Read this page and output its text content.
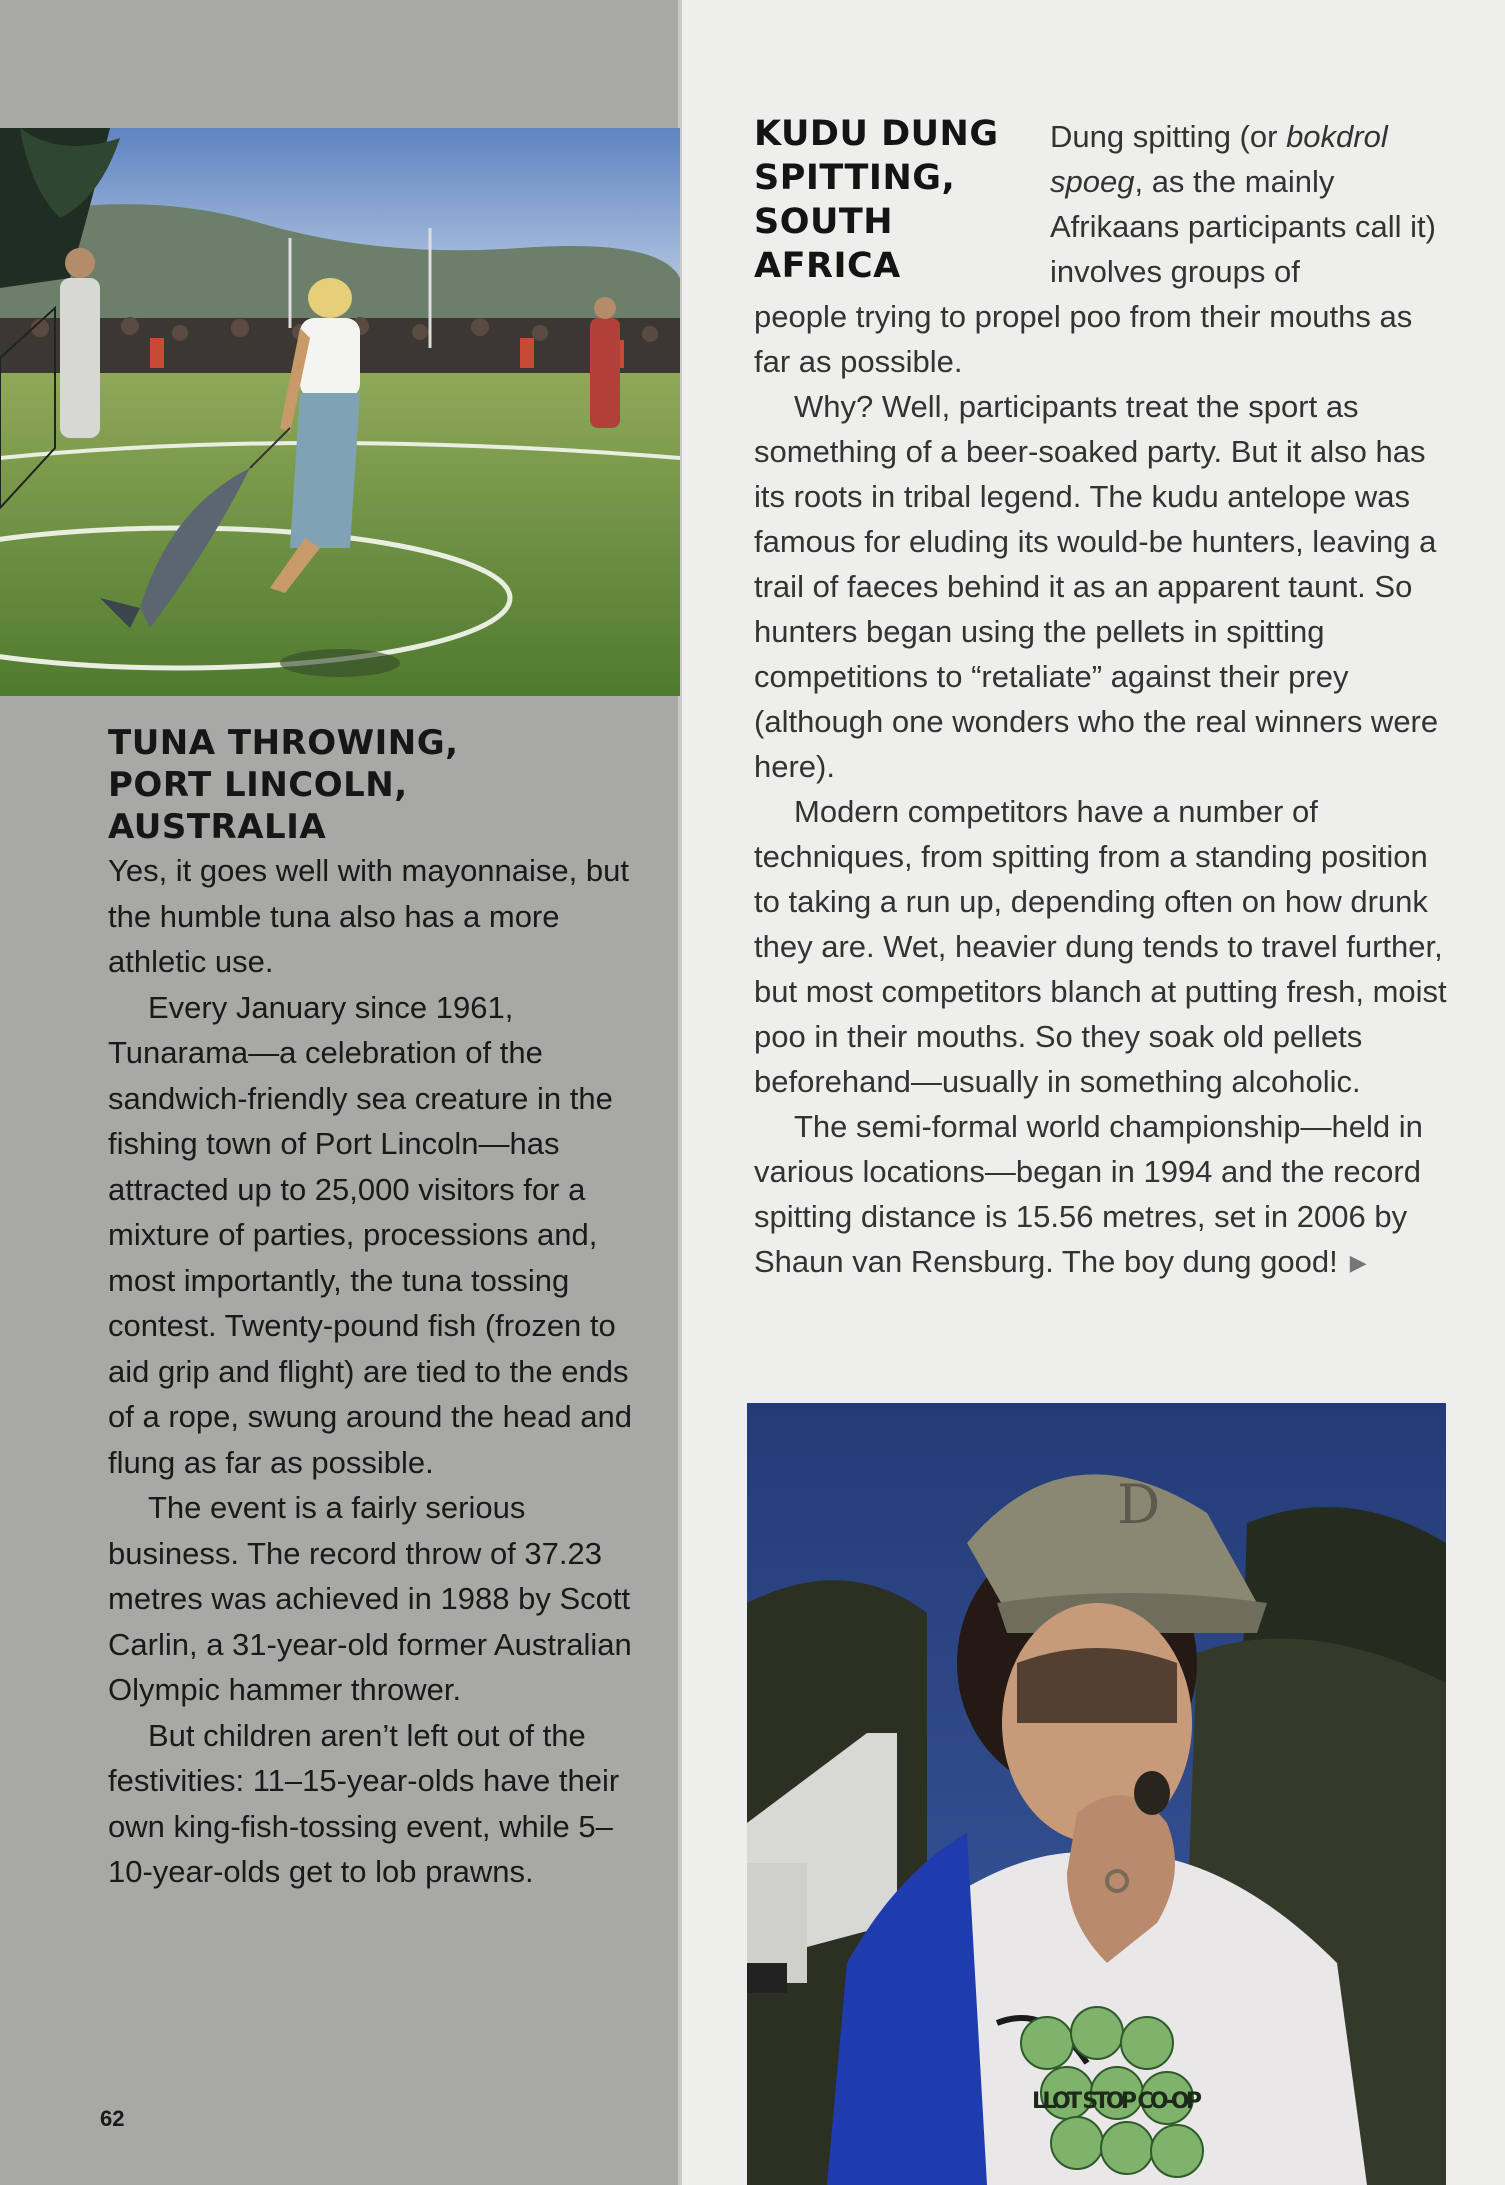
TUNA THROWING,
PORT LINCOLN,
AUSTRALIA

Yes, it goes well with mayonnaise, but the humble tuna also has a more athletic use.

Every January since 1961, Tunarama—a celebration of the sandwich-friendly sea creature in the fishing town of Port Lincoln—has attracted up to 25,000 visitors for a mixture of parties, processions and, most importantly, the tuna tossing contest. Twenty-pound fish (frozen to aid grip and flight) are tied to the ends of a rope, swung around the head and flung as far as possible.

The event is a fairly serious business. The record throw of 37.23 metres was achieved in 1988 by Scott Carlin, a 31-year-old former Australian Olympic hammer thrower.

But children aren’t left out of the festivities: 11–15-year-olds have their own king-fish-tossing event, while 5–10-year-olds get to lob prawns.

KUDU DUNG
SPITTING,
SOUTH
AFRICA

Dung spitting (or bokdrol spoeg, as the mainly Afrikaans participants call it) involves groups of

people trying to propel poo from their mouths as far as possible.

Why? Well, participants treat the sport as something of a beer-soaked party. But it also has its roots in tribal legend. The kudu antelope was famous for eluding its would-be hunters, leaving a trail of faeces behind it as an apparent taunt. So hunters began using the pellets in spitting competitions to “retaliate” against their prey (although one wonders who the real winners were here).

Modern competitors have a number of techniques, from spitting from a standing position to taking a run up, depending often on how drunk they are. Wet, heavier dung tends to travel further, but most competitors blanch at putting fresh, moist poo in their mouths. So they soak old pellets beforehand—usually in something alcoholic.

The semi-formal world championship—held in various locations—began in 1994 and the record spitting distance is 15.56 metres, set in 2006 by Shaun van Rensburg. The boy dung good! ▶

D
LLOT STOP CO-OP
62
